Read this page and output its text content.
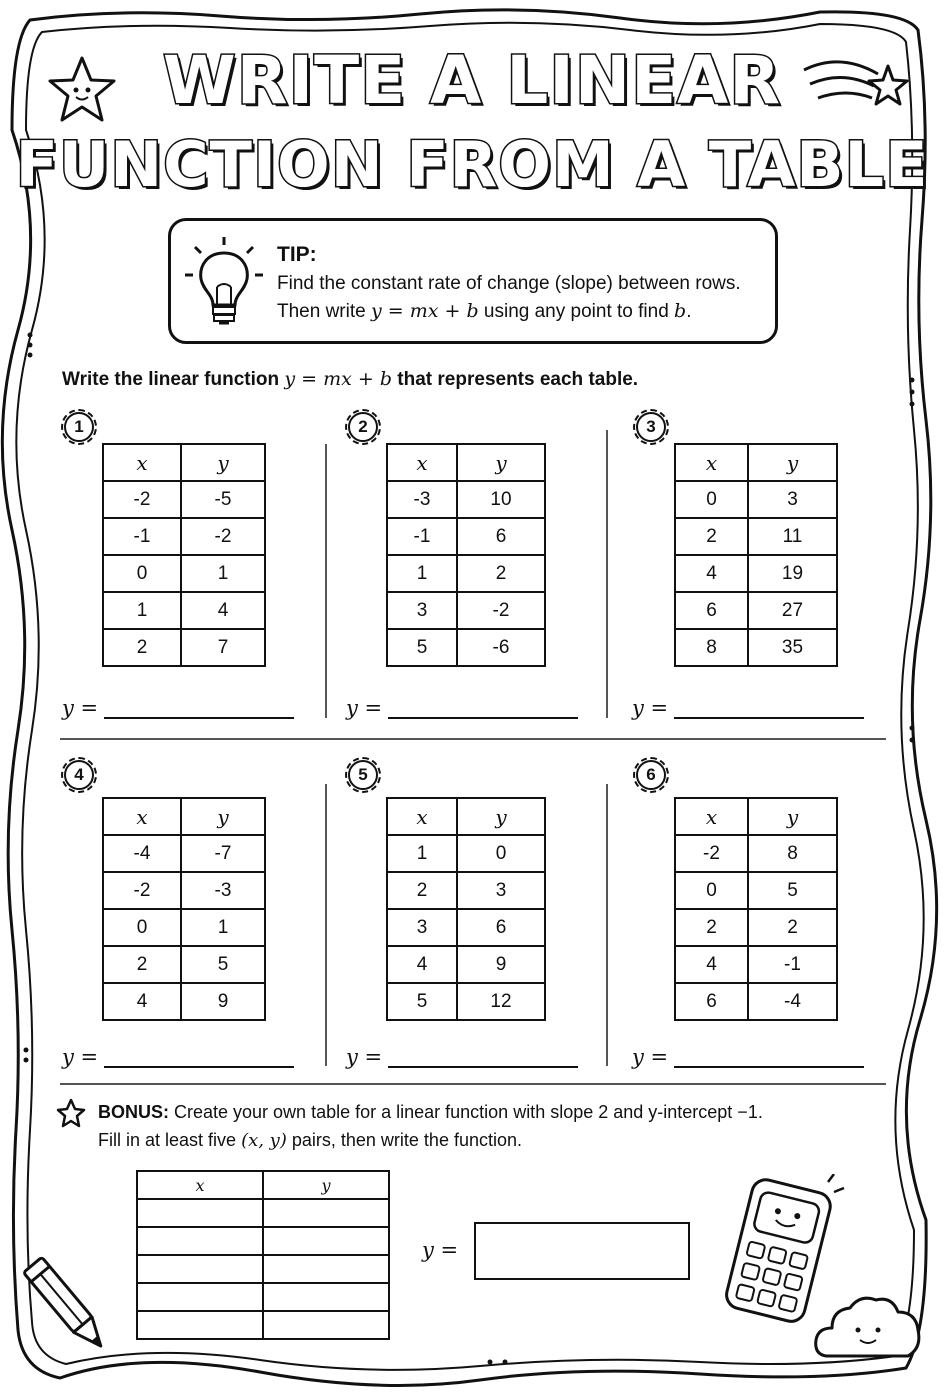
WRITE A LINEAR
FUNCTION FROM A TABLE
TIP:
Find the constant rate of change (slope) between rows.
Then write y = mx + b using any point to find b.
Write the linear function y = mx + b that represents each table.
1
x	y
-2	-5
-1	-2
0	1
1	4
2	7
y =
2
x	y
-3	10
-1	6
1	2
3	-2
5	-6
y =
3
x	y
0	3
2	11
4	19
6	27
8	35
y =
4
x	y
-4	-7
-2	-3
0	1
2	5
4	9
y =
5
x	y
1	0
2	3
3	6
4	9
5	12
y =
6
x	y
-2	8
0	5
2	2
4	-1
6	-4
y =
BONUS: Create your own table for a linear function with slope 2 and y-intercept −1.
Fill in at least five (x, y) pairs, then write the function.
x	y

y =
